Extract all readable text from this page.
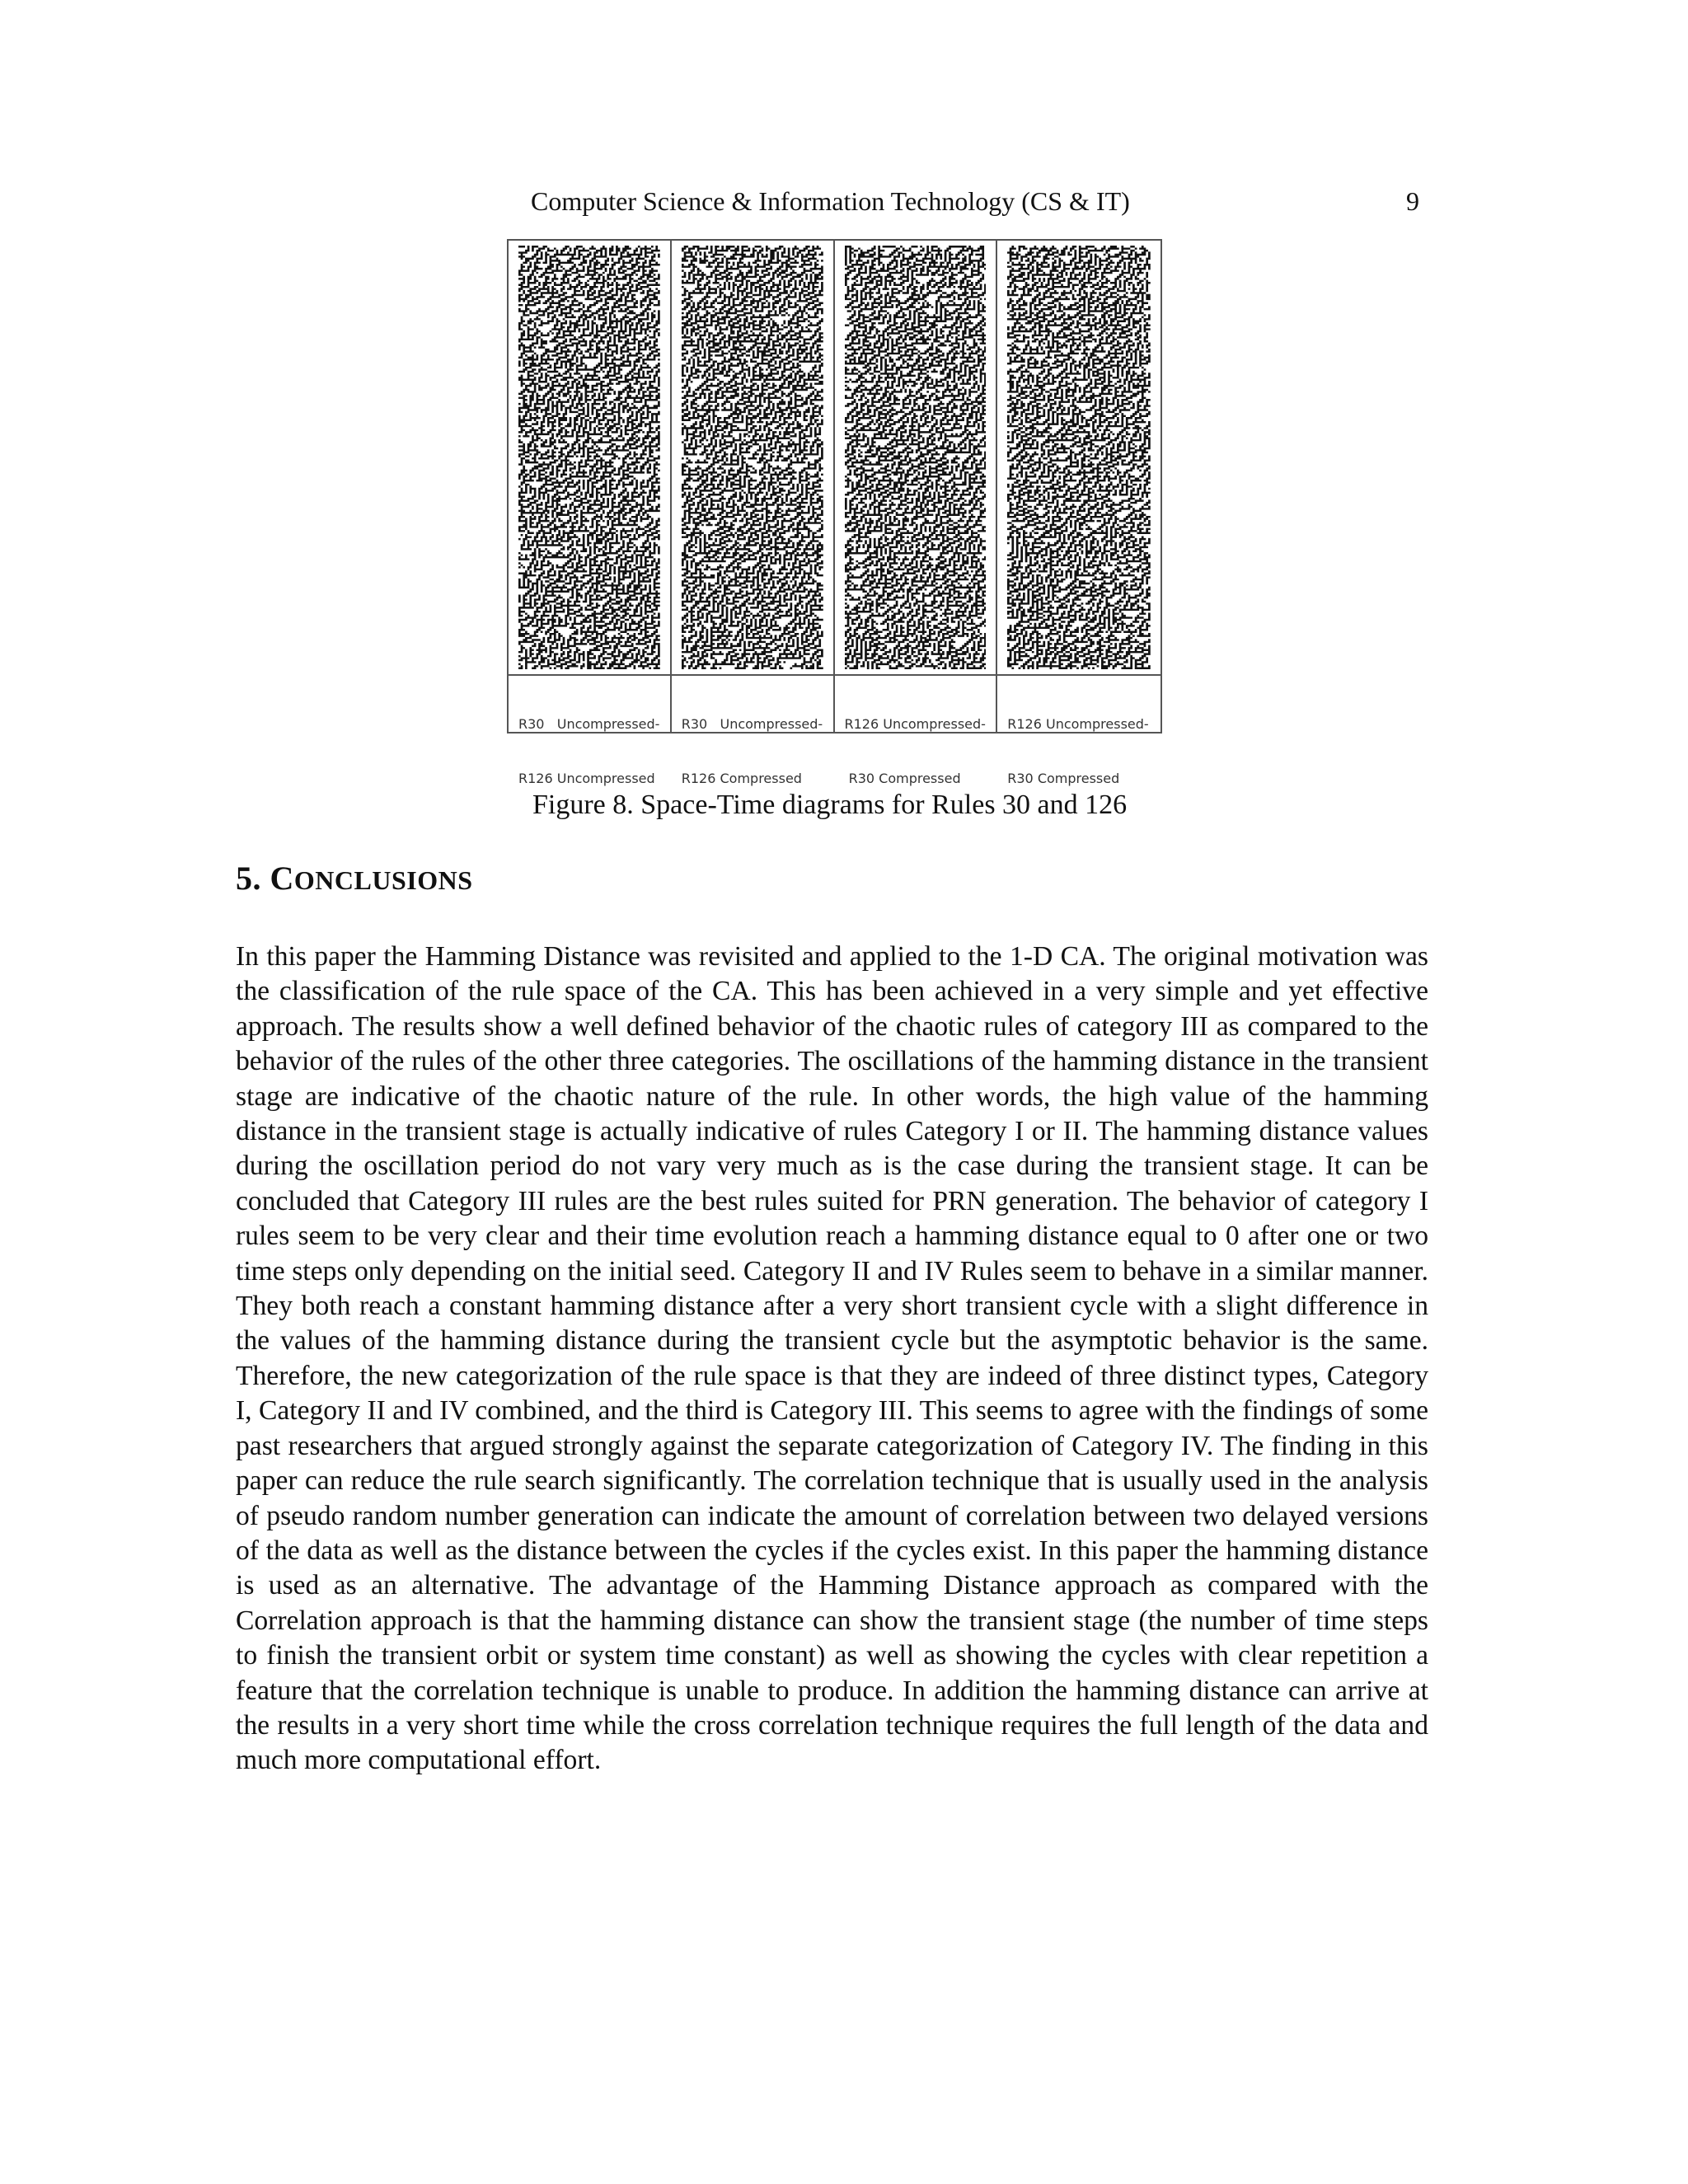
Computer Science & Information Technology (CS & IT)	9

R30   Uncompressed-

R126 Uncompressed

R30   Uncompressed-

R126 Compressed

R126 Uncompressed-

R30 Compressed

R126 Uncompressed-

R30 Compressed

Figure 8. Space-Time diagrams for Rules 30 and 126
5. CONCLUSIONS

In this paper the Hamming Distance was revisited and applied to the 1-D CA. The original motivation was the classification of the rule space of the CA. This has been achieved in a very simple and yet effective approach. The results show a well defined behavior of the chaotic rules of category III as compared to the behavior of the rules of the other three categories. The oscillations of the hamming distance in the transient stage are indicative of the chaotic nature of the rule. In other words, the high value of the hamming distance in the transient stage is actually indicative of rules Category I or II. The hamming distance values during the oscillation period do not vary very much as is the case during the transient stage. It can be concluded that Category III rules are the best rules suited for PRN generation. The behavior of category I rules seem to be very clear and their time evolution reach a hamming distance equal to 0 after one or two time steps only depending on the initial seed. Category II and IV Rules seem to behave in a similar manner. They both reach a constant hamming distance after a very short transient cycle with a slight difference in the values of the hamming distance during the transient cycle but the asymptotic behavior is the same. Therefore, the new categorization of the rule space is that they are indeed of three distinct types, Category I, Category II and IV combined, and the third is Category III. This seems to agree with the findings of some past researchers that argued strongly against the separate categorization of Category IV. The finding in this paper can reduce the rule search significantly. The correlation technique that is usually used in the analysis of pseudo random number generation can indicate the amount of correlation between two delayed versions of the data as well as the distance between the cycles if the cycles exist. In this paper the hamming distance is used as an alternative. The advantage of the Hamming Distance approach as compared with the Correlation approach is that the hamming distance can show the transient stage (the number of time steps to finish the transient orbit or system time constant) as well as showing the cycles with clear repetition a feature that the correlation technique is unable to produce. In addition the hamming distance can arrive at the results in a very short time while the cross correlation technique requires the full length of the data and much more computational effort.
